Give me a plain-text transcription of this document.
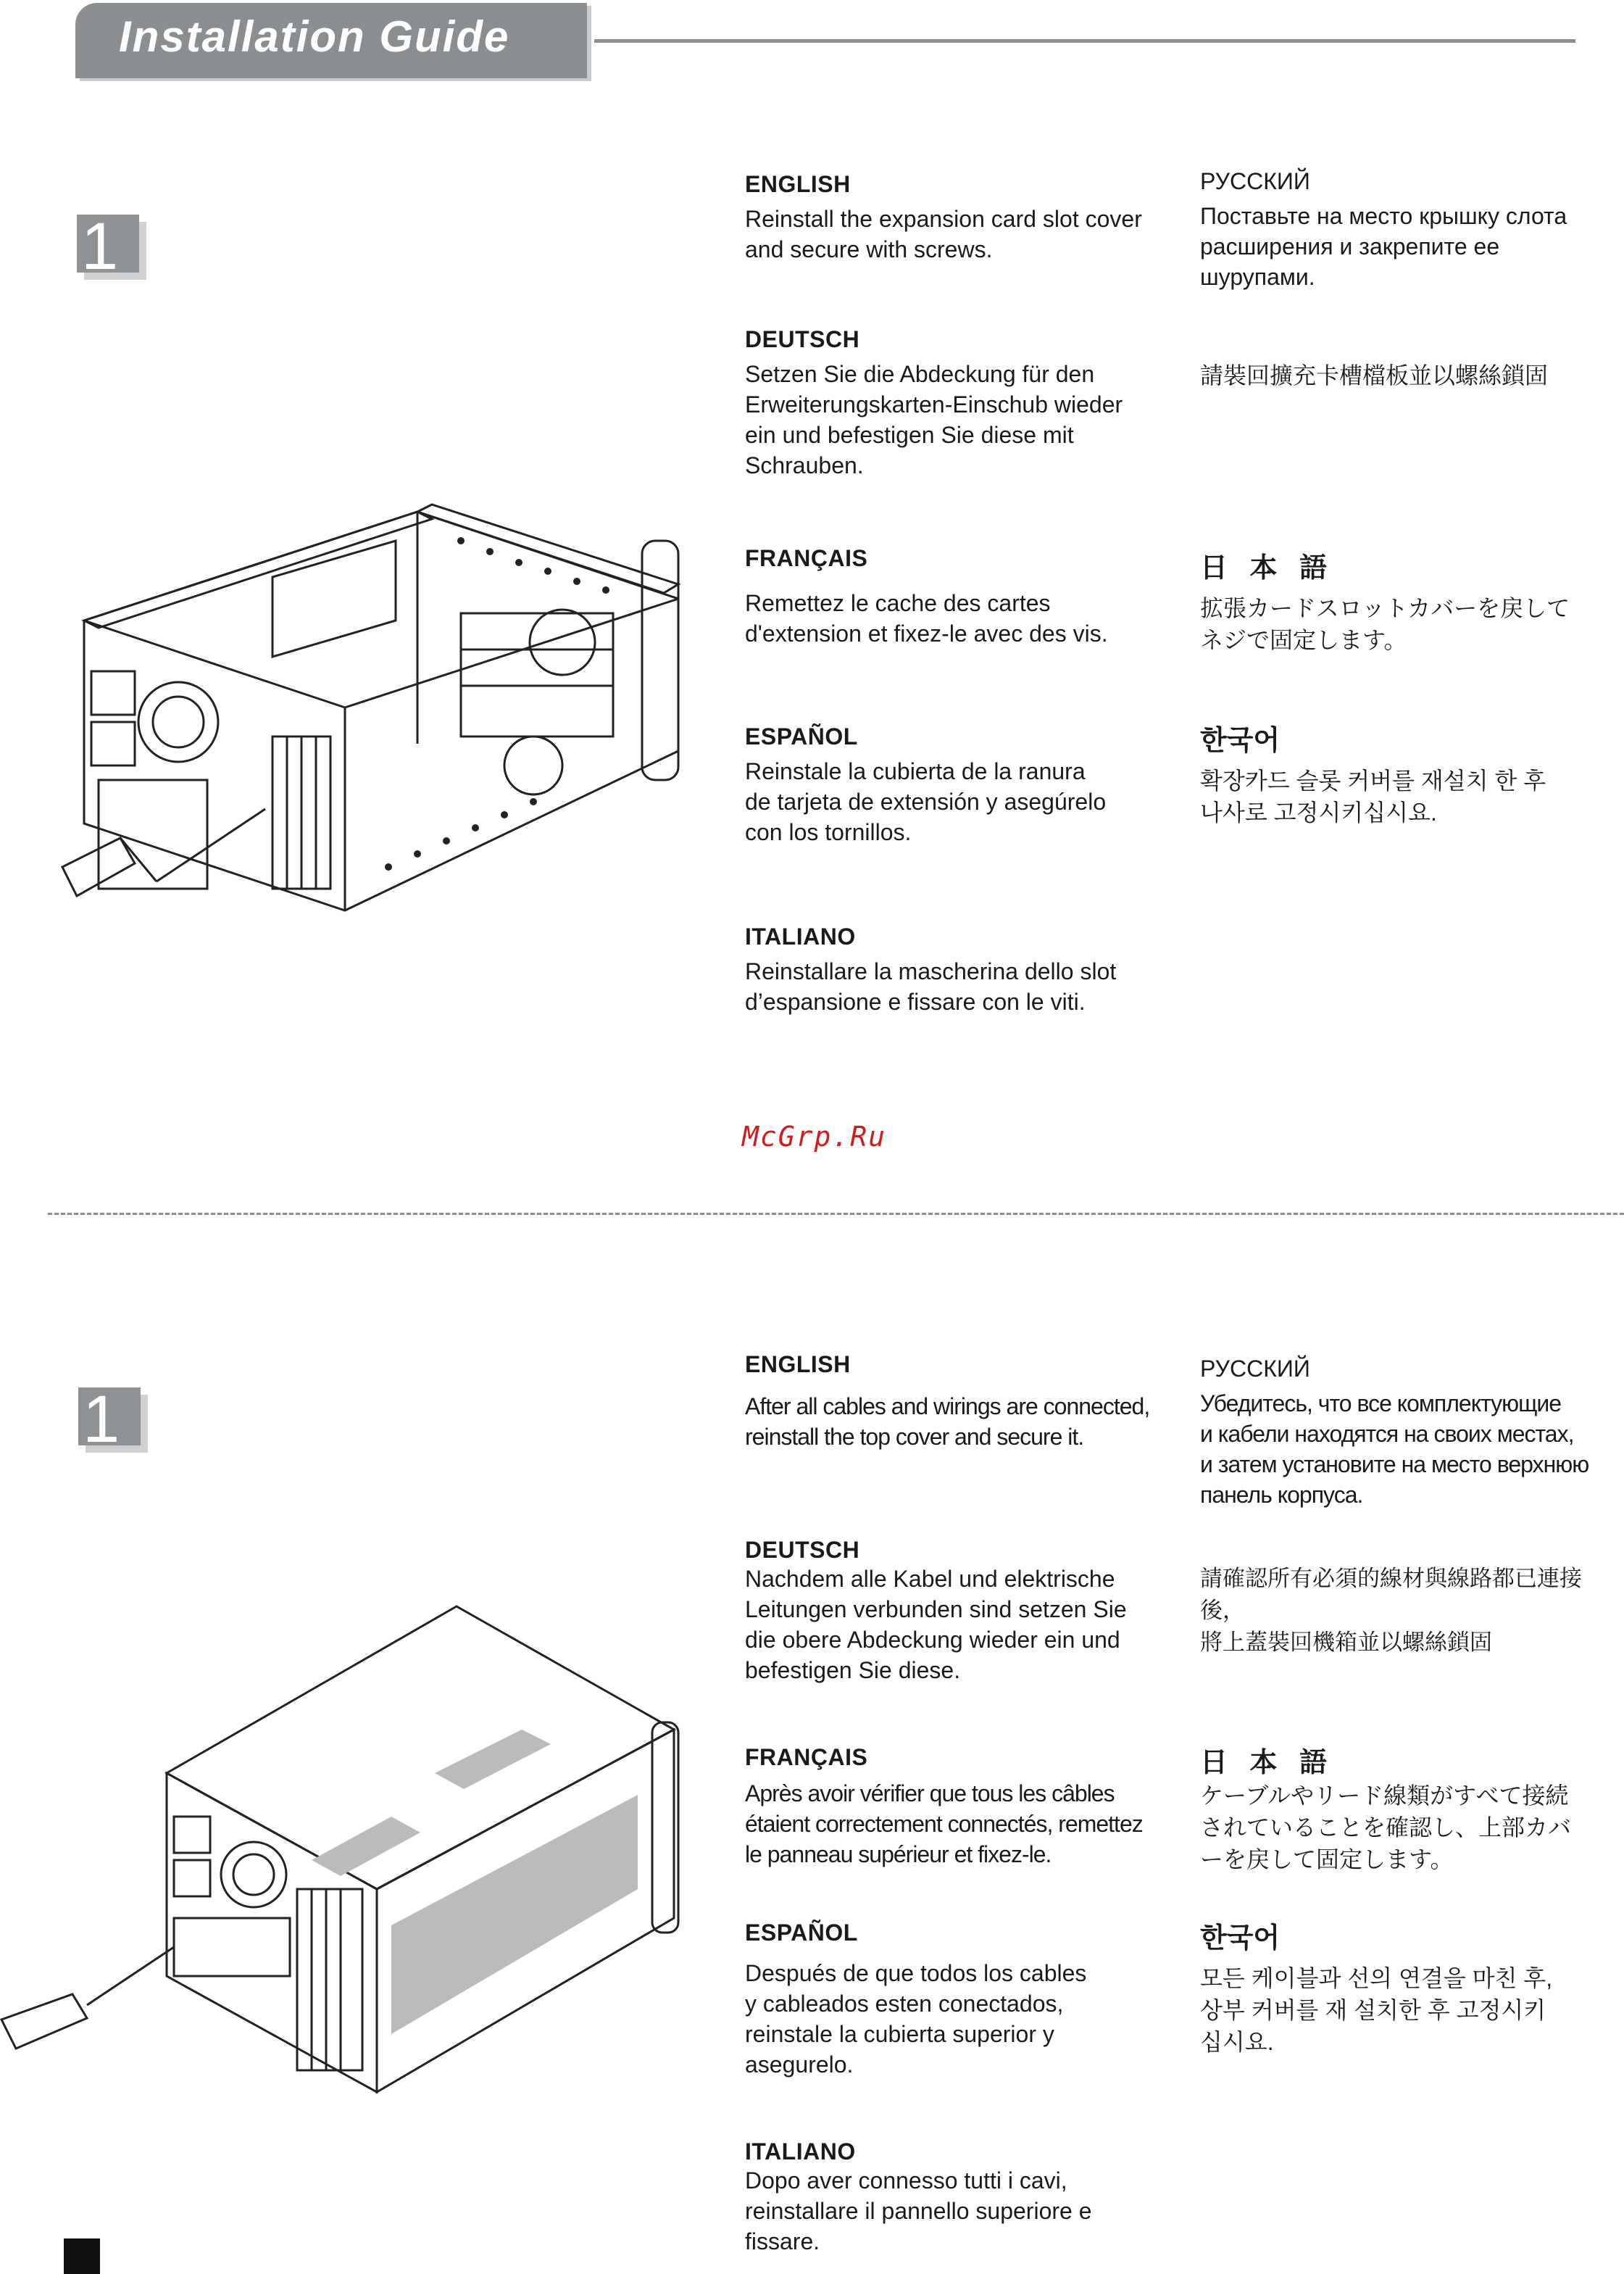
Installation Guide
1
ENGLISH
Reinstall the expansion card slot cover
and secure with screws.
DEUTSCH
Setzen Sie die Abdeckung für den
Erweiterungskarten-Einschub wieder
ein und befestigen Sie diese mit
Schrauben.
FRANÇAIS
Remettez le cache des cartes
d'extension et fixez-le avec des vis.
ESPAÑOL
Reinstale la cubierta de la ranura
de tarjeta de extensión y asegúrelo
con los tornillos.
ITALIANO
Reinstallare la mascherina dello slot
d’espansione e fissare con le viti.
РУССКИЙ
Поставьте на место крышку слота
расширения и закрепите ее
шурупами.
請裝回擴充卡槽檔板並以螺絲鎖固
日 本 語
拡張カードスロットカバーを戻して
ネジで固定します。
한국어
확장카드 슬롯 커버를 재설치 한 후
나사로 고정시키십시요.
McGrp.Ru
1
ENGLISH
After all cables and wirings are connected,
reinstall the top cover and secure it.
DEUTSCH
Nachdem alle Kabel und elektrische
Leitungen verbunden sind setzen Sie
die obere Abdeckung wieder ein und
befestigen Sie diese.
FRANÇAIS
Après avoir vérifier que tous les câbles
étaient correctement connectés, remettez
le panneau supérieur et fixez-le.
ESPAÑOL
Después de que todos los cables
y cableados esten conectados,
reinstale la cubierta superior y
asegurelo.
ITALIANO
Dopo aver connesso tutti i cavi,
reinstallare il pannello superiore e
fissare.
РУССКИЙ
Убедитесь, что все комплектующие
и кабели находятся на своих местах,
и затем установите на место верхнюю
панель корпуса.
請確認所有必須的線材與線路都已連接後，
將上蓋裝回機箱並以螺絲鎖固
日 本 語
ケーブルやリード線類がすべて接続
されていることを確認し、上部カバ
ーを戻して固定します。
한국어
모든 케이블과 선의 연결을 마친 후,
상부 커버를 재 설치한 후 고정시키
십시요.
